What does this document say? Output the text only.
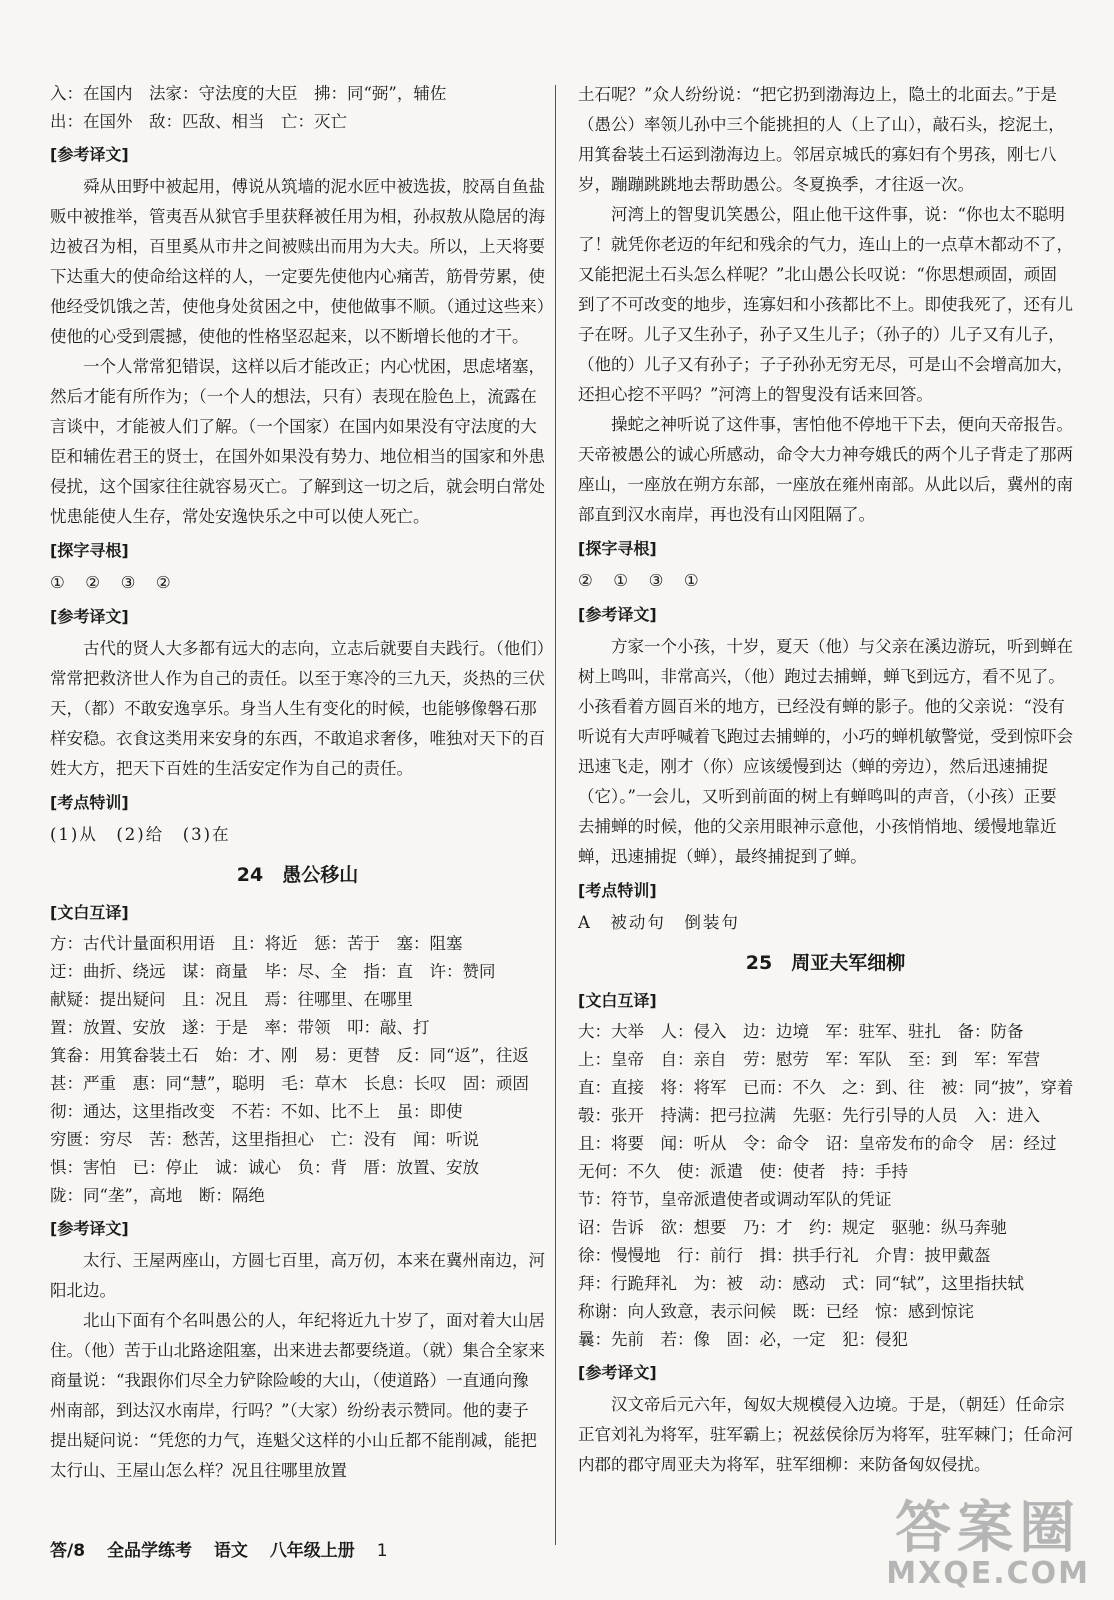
入：在国内　法家：守法度的大臣　拂：同“弼”，辅佐
出：在国外　敌：匹敌、相当　亡：灭亡
[参考译文]

舜从田野中被起用，傅说从筑墙的泥水匠中被选拔，胶鬲自鱼盐贩中被推举，管夷吾从狱官手里获释被任用为相，孙叔敖从隐居的海边被召为相，百里奚从市井之间被赎出而用为大夫。所以，上天将要下达重大的使命给这样的人，一定要先使他内心痛苦，筋骨劳累，使他经受饥饿之苦，使他身处贫困之中，使他做事不顺。（通过这些来）使他的心受到震撼，使他的性格坚忍起来，以不断增长他的才干。

一个人常常犯错误，这样以后才能改正；内心忧困，思虑堵塞，然后才能有所作为；（一个人的想法，只有）表现在脸色上，流露在言谈中，才能被人们了解。（一个国家）在国内如果没有守法度的大臣和辅佐君王的贤士，在国外如果没有势力、地位相当的国家和外患侵扰，这个国家往往就容易灭亡。了解到这一切之后，就会明白常处忧患能使人生存，常处安逸快乐之中可以使人死亡。

[探字寻根]
①　②　③　②
[参考译文]

古代的贤人大多都有远大的志向，立志后就要自夫践行。（他们）常常把救济世人作为自己的责任。以至于寒冷的三九天，炎热的三伏天，（都）不敢安逸享乐。身当人生有变化的时候，也能够像磐石那样安稳。衣食这类用来安身的东西，不敢追求奢侈，唯独对天下的百姓大方，把天下百姓的生活安定作为自己的责任。

[考点特训]
(1)从　(2)给　(3)在
24　愚公移山
[文白互译]
方：古代计量面积用语　且：将近　惩：苦于　塞：阻塞
迂：曲折、绕远　谋：商量　毕：尽、全　指：直　许：赞同
献疑：提出疑问　且：况且　焉：往哪里、在哪里
置：放置、安放　遂：于是　率：带领　叩：敲、打
箕畚：用箕畚装土石　始：才、刚　易：更替　反：同“返”，往返
甚：严重　惠：同“慧”，聪明　毛：草木　长息：长叹　固：顽固
彻：通达，这里指改变　不若：不如、比不上　虽：即使
穷匮：穷尽　苦：愁苦，这里指担心　亡：没有　闻：听说
惧：害怕　已：停止　诚：诚心　负：背　厝：放置、安放
陇：同“垄”，高地　断：隔绝
[参考译文]

太行、王屋两座山，方圆七百里，高万仞，本来在冀州南边，河阳北边。

北山下面有个名叫愚公的人，年纪将近九十岁了，面对着大山居住。（他）苦于山北路途阻塞，出来进去都要绕道。（就）集合全家来商量说：“我跟你们尽全力铲除险峻的大山，（使道路）一直通向豫州南部，到达汉水南岸，行吗？”（大家）纷纷表示赞同。他的妻子提出疑问说：“凭您的力气，连魁父这样的小山丘都不能削减，能把太行山、王屋山怎么样？况且往哪里放置

土石呢？”众人纷纷说：“把它扔到渤海边上，隐土的北面去。”于是（愚公）率领儿孙中三个能挑担的人（上了山），敲石头，挖泥土，用箕畚装土石运到渤海边上。邻居京城氏的寡妇有个男孩，刚七八岁，蹦蹦跳跳地去帮助愚公。冬夏换季，才往返一次。

河湾上的智叟讥笑愚公，阻止他干这件事，说：“你也太不聪明了！就凭你老迈的年纪和残余的气力，连山上的一点草木都动不了，又能把泥土石头怎么样呢？”北山愚公长叹说：“你思想顽固，顽固到了不可改变的地步，连寡妇和小孩都比不上。即使我死了，还有儿子在呀。儿子又生孙子，孙子又生儿子；（孙子的）儿子又有儿子，（他的）儿子又有孙子；子子孙孙无穷无尽，可是山不会增高加大，还担心挖不平吗？”河湾上的智叟没有话来回答。

操蛇之神听说了这件事，害怕他不停地干下去，便向天帝报告。天帝被愚公的诚心所感动，命令大力神夸娥氏的两个儿子背走了那两座山，一座放在朔方东部，一座放在雍州南部。从此以后，冀州的南部直到汉水南岸，再也没有山冈阻隔了。

[探字寻根]
②　①　③　①
[参考译文]

方家一个小孩，十岁，夏天（他）与父亲在溪边游玩，听到蝉在树上鸣叫，非常高兴，（他）跑过去捕蝉，蝉飞到远方，看不见了。小孩看着方圆百米的地方，已经没有蝉的影子。他的父亲说：“没有听说有大声呼喊着飞跑过去捕蝉的，小巧的蝉机敏警觉，受到惊吓会迅速飞走，刚才（你）应该缓慢到达（蝉的旁边），然后迅速捕捉（它）。”一会儿，又听到前面的树上有蝉鸣叫的声音，（小孩）正要去捕蝉的时候，他的父亲用眼神示意他，小孩悄悄地、缓慢地靠近蝉，迅速捕捉（蝉），最终捕捉到了蝉。

[考点特训]
A　被动句　倒装句
25　周亚夫军细柳
[文白互译]
大：大举　人：侵入　边：边境　军：驻军、驻扎　备：防备
上：皇帝　自：亲自　劳：慰劳　军：军队　至：到　军：军营
直：直接　将：将军　已而：不久　之：到、往　被：同“披”，穿着
彀：张开　持满：把弓拉满　先驱：先行引导的人员　入：进入
且：将要　闻：听从　令：命令　诏：皇帝发布的命令　居：经过
无何：不久　使：派遣　使：使者　持：手持
节：符节，皇帝派遣使者或调动军队的凭证
诏：告诉　欲：想要　乃：才　约：规定　驱驰：纵马奔驰
徐：慢慢地　行：前行　揖：拱手行礼　介胄：披甲戴盔
拜：行跪拜礼　为：被　动：感动　式：同“轼”，这里指扶轼
称谢：向人致意，表示问候　既：已经　惊：感到惊诧
曩：先前　若：像　固：必，一定　犯：侵犯
[参考译文]

汉文帝后元六年，匈奴大规模侵入边境。于是，（朝廷）任命宗正官刘礼为将军，驻军霸上；祝兹侯徐厉为将军，驻军棘门；任命河内郡的郡守周亚夫为将军，驻军细柳：来防备匈奴侵扰。

答/8 全品学练考 语文 八年级上册 1	答案圈
MXQE.COM
